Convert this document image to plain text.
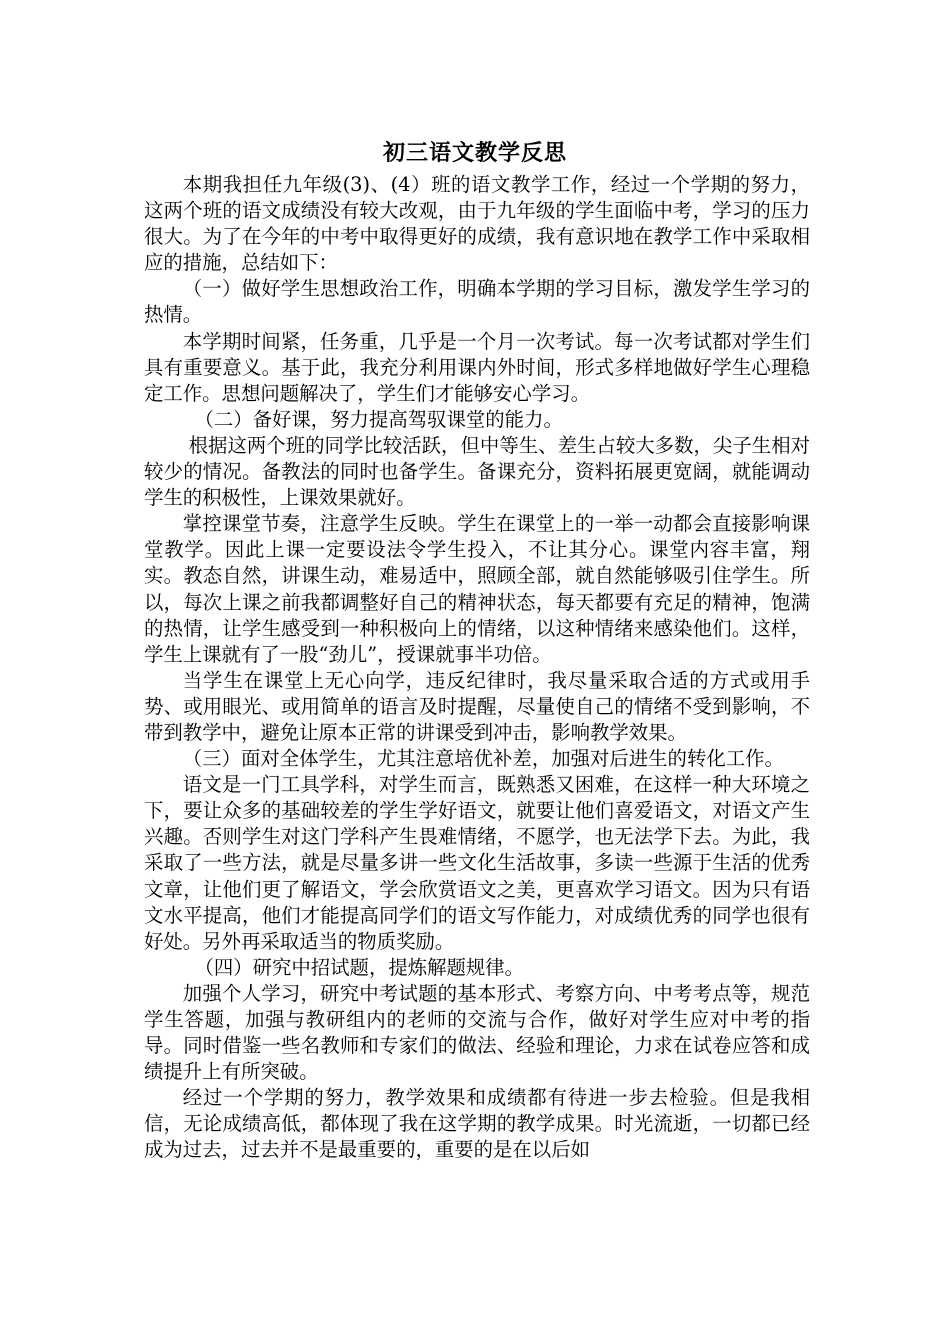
初三语文教学反思

本期我担任九年级(3)、(4）班的语文教学工作，经过一个学期的努力，这两个班的语文成绩没有较大改观，由于九年级的学生面临中考，学习的压力很大。为了在今年的中考中取得更好的成绩，我有意识地在教学工作中采取相应的措施，总结如下：

（一）做好学生思想政治工作，明确本学期的学习目标，激发学生学习的热情。

本学期时间紧，任务重，几乎是一个月一次考试。每一次考试都对学生们具有重要意义。基于此，我充分利用课内外时间，形式多样地做好学生心理稳定工作。思想问题解决了，学生们才能够安心学习。

（二）备好课，努力提高驾驭课堂的能力。

根据这两个班的同学比较活跃，但中等生、差生占较大多数，尖子生相对较少的情况。备教法的同时也备学生。备课充分，资料拓展更宽阔，就能调动学生的积极性，上课效果就好。

掌控课堂节奏，注意学生反映。学生在课堂上的一举一动都会直接影响课堂教学。因此上课一定要设法令学生投入，不让其分心。课堂内容丰富，翔实。教态自然，讲课生动，难易适中，照顾全部，就自然能够吸引住学生。所以，每次上课之前我都调整好自己的精神状态，每天都要有充足的精神，饱满的热情，让学生感受到一种积极向上的情绪，以这种情绪来感染他们。这样，学生上课就有了一股“劲儿”，授课就事半功倍。

当学生在课堂上无心向学，违反纪律时，我尽量采取合适的方式或用手势、或用眼光、或用简单的语言及时提醒，尽量使自己的情绪不受到影响，不带到教学中，避免让原本正常的讲课受到冲击，影响教学效果。

（三）面对全体学生，尤其注意培优补差，加强对后进生的转化工作。

语文是一门工具学科，对学生而言，既熟悉又困难，在这样一种大环境之下，要让众多的基础较差的学生学好语文，就要让他们喜爱语文，对语文产生兴趣。否则学生对这门学科产生畏难情绪，不愿学，也无法学下去。为此，我采取了一些方法，就是尽量多讲一些文化生活故事，多读一些源于生活的优秀文章，让他们更了解语文，学会欣赏语文之美，更喜欢学习语文。因为只有语文水平提高，他们才能提高同学们的语文写作能力，对成绩优秀的同学也很有好处。另外再采取适当的物质奖励。

（四）研究中招试题，提炼解题规律。

加强个人学习，研究中考试题的基本形式、考察方向、中考考点等，规范学生答题，加强与教研组内的老师的交流与合作，做好对学生应对中考的指导。同时借鉴一些名教师和专家们的做法、经验和理论，力求在试卷应答和成绩提升上有所突破。

经过一个学期的努力，教学效果和成绩都有待进一步去检验。但是我相信，无论成绩高低，都体现了我在这学期的教学成果。时光流逝，一切都已经成为过去，过去并不是最重要的，重要的是在以后如
